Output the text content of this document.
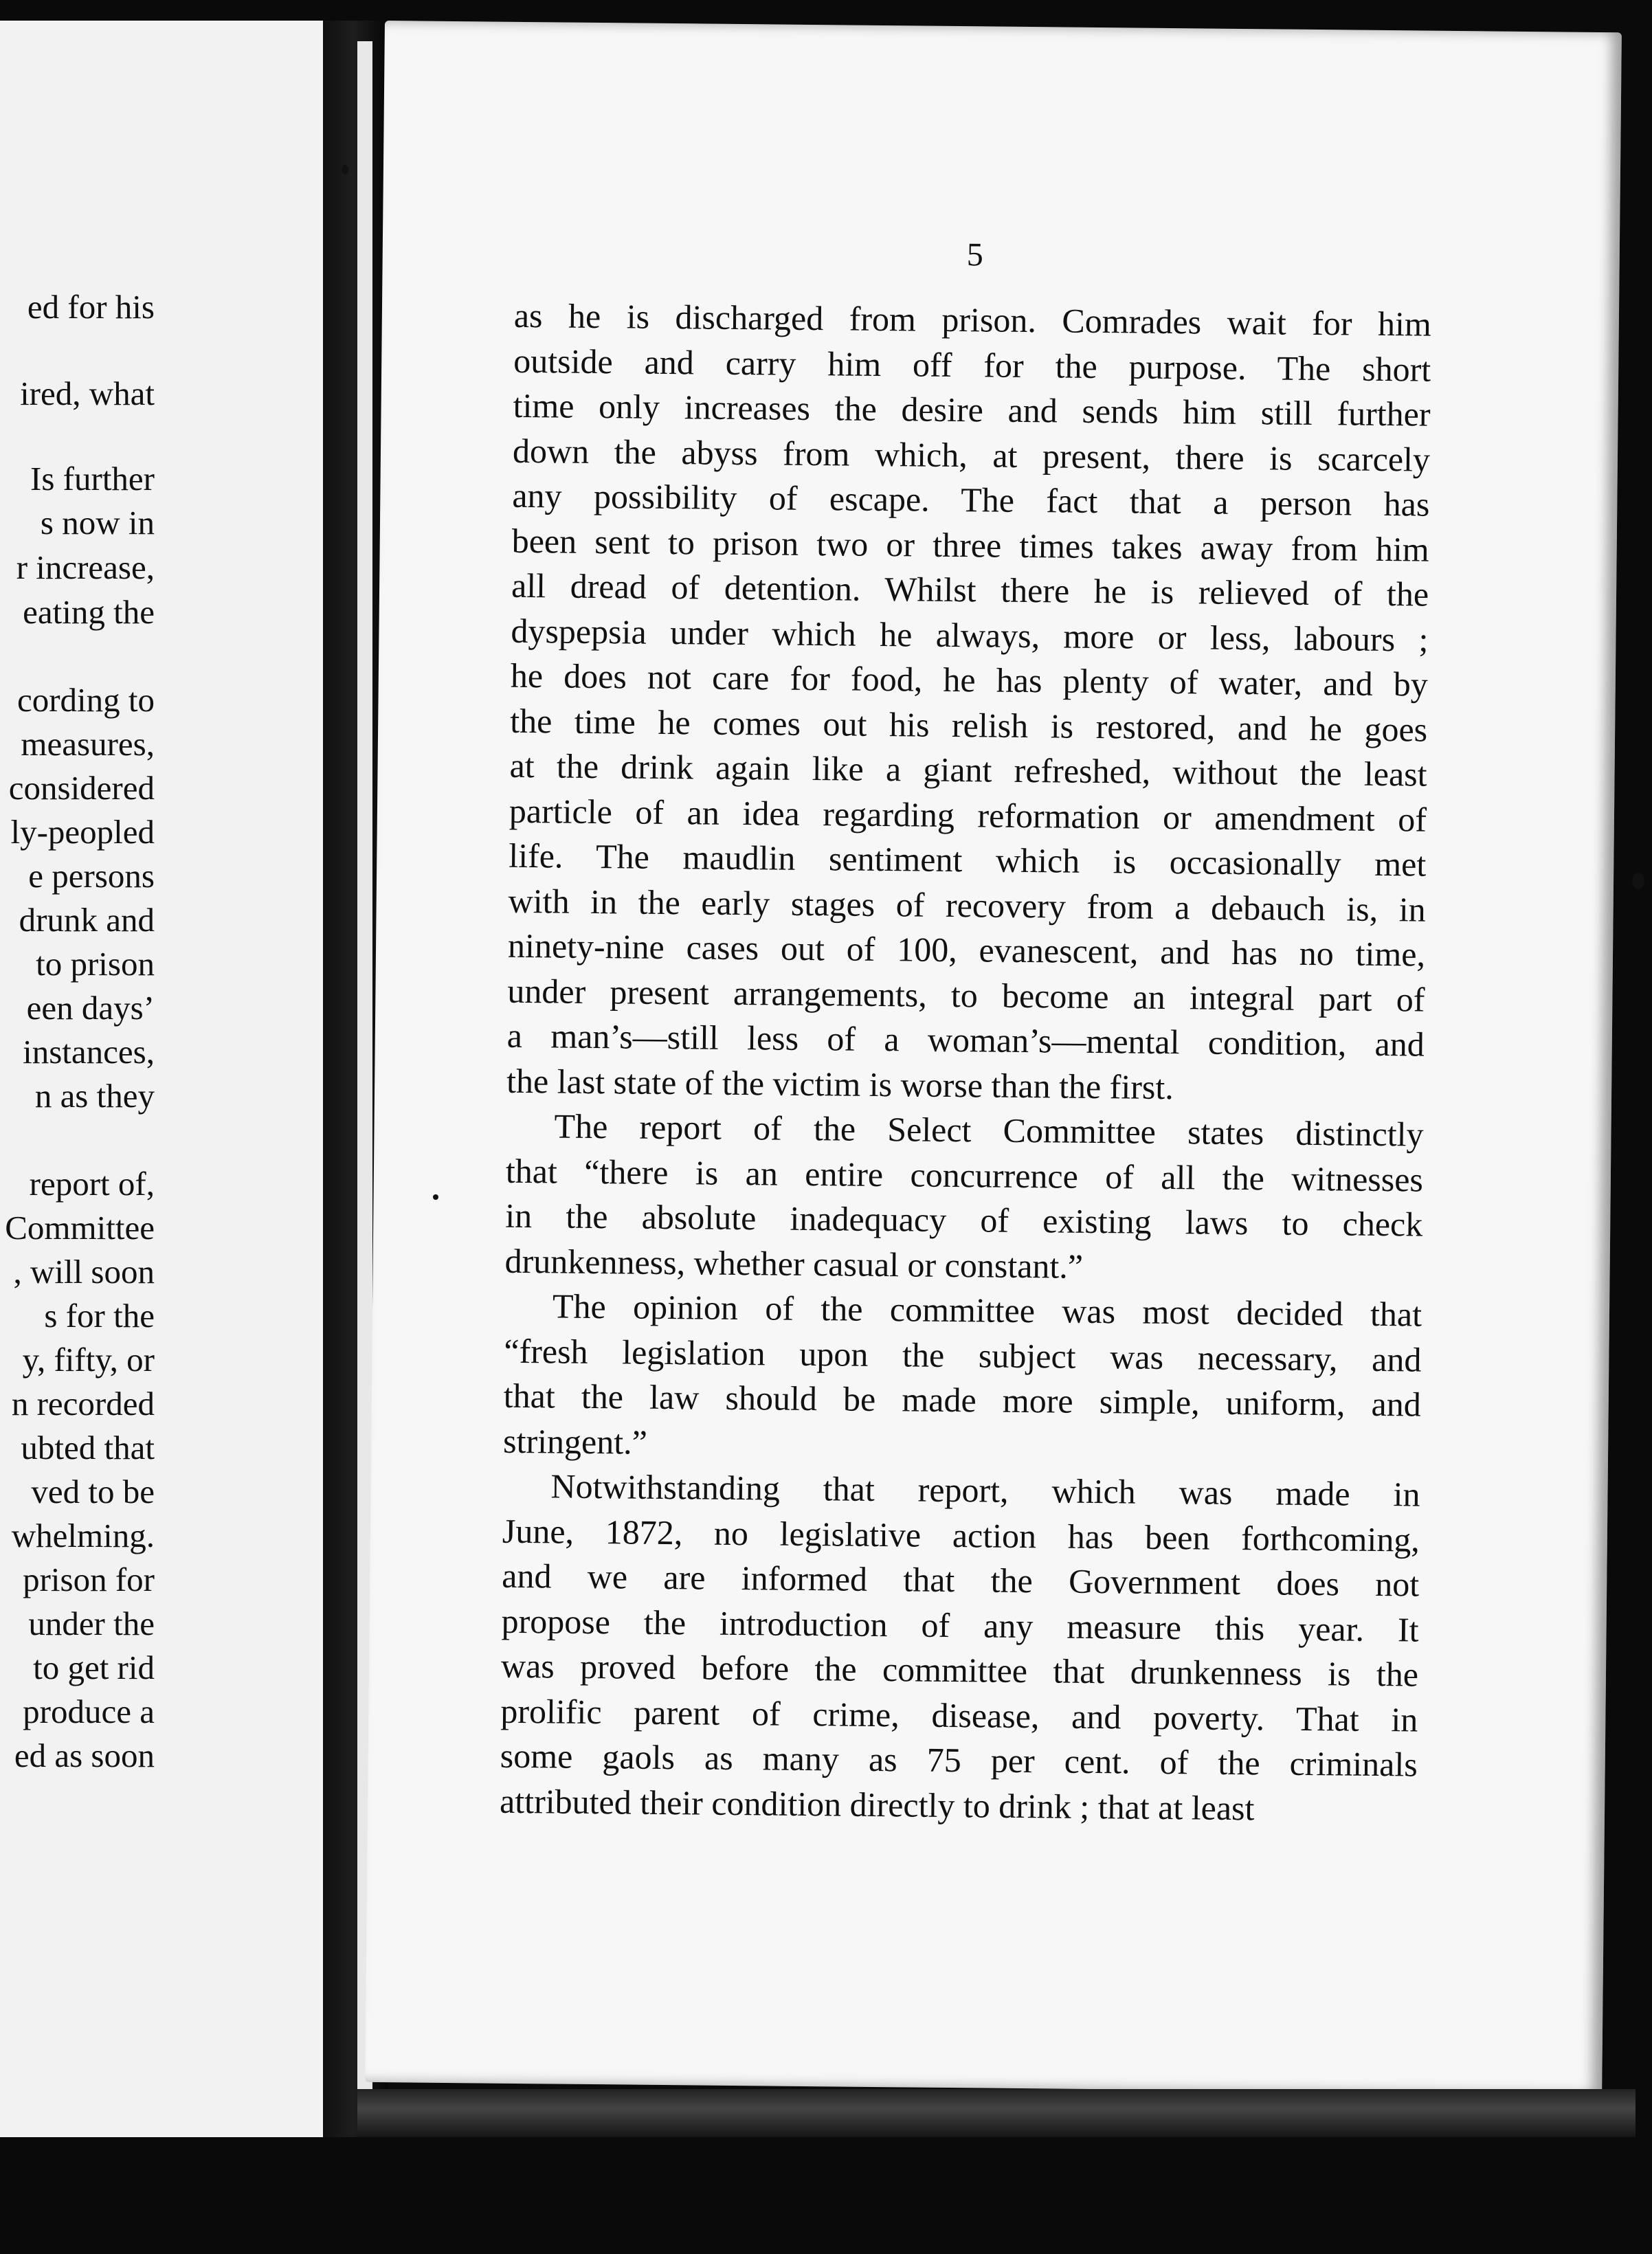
ed for his
ired, what
Is further
s now in
r increase,
eating the
cording to
measures,
considered
ly-peopled
e persons
drunk and
to prison
een days’
instances,
n as they
report of,
Committee
, will soon
s for the
y, fifty, or
n recorded
ubted that
ved to be
whelming.
prison for
under the
to get rid
produce a
ed as soon
5

as he is discharged from prison. Comrades wait for him
outside and carry him off for the purpose. The short
time only increases the desire and sends him still further
down the abyss from which, at present, there is scarcely
any possibility of escape. The fact that a person has
been sent to prison two or three times takes away from him
all dread of detention. Whilst there he is relieved of the
dyspepsia under which he always, more or less, labours ;
he does not care for food, he has plenty of water, and by
the time he comes out his relish is restored, and he goes
at the drink again like a giant refreshed, without the least
particle of an idea regarding reformation or amendment of
life. The maudlin sentiment which is occasionally met
with in the early stages of recovery from a debauch is, in
ninety-nine cases out of 100, evanescent, and has no time,
under present arrangements, to become an integral part of
a man’s—still less of a woman’s—mental condition, and
the last state of the victim is worse than the first.

The report of the Select Committee states distinctly
that “there is an entire concurrence of all the witnesses
in the absolute inadequacy of existing laws to check
drunkenness, whether casual or constant.”

The opinion of the committee was most decided that
“fresh legislation upon the subject was necessary, and
that the law should be made more simple, uniform, and
stringent.”

Notwithstanding that report, which was made in
June, 1872, no legislative action has been forthcoming,
and we are informed that the Government does not
propose the introduction of any measure this year. It
was proved before the committee that drunkenness is the
prolific parent of crime, disease, and poverty. That in
some gaols as many as 75 per cent. of the criminals
attributed their condition directly to drink ; that at least
